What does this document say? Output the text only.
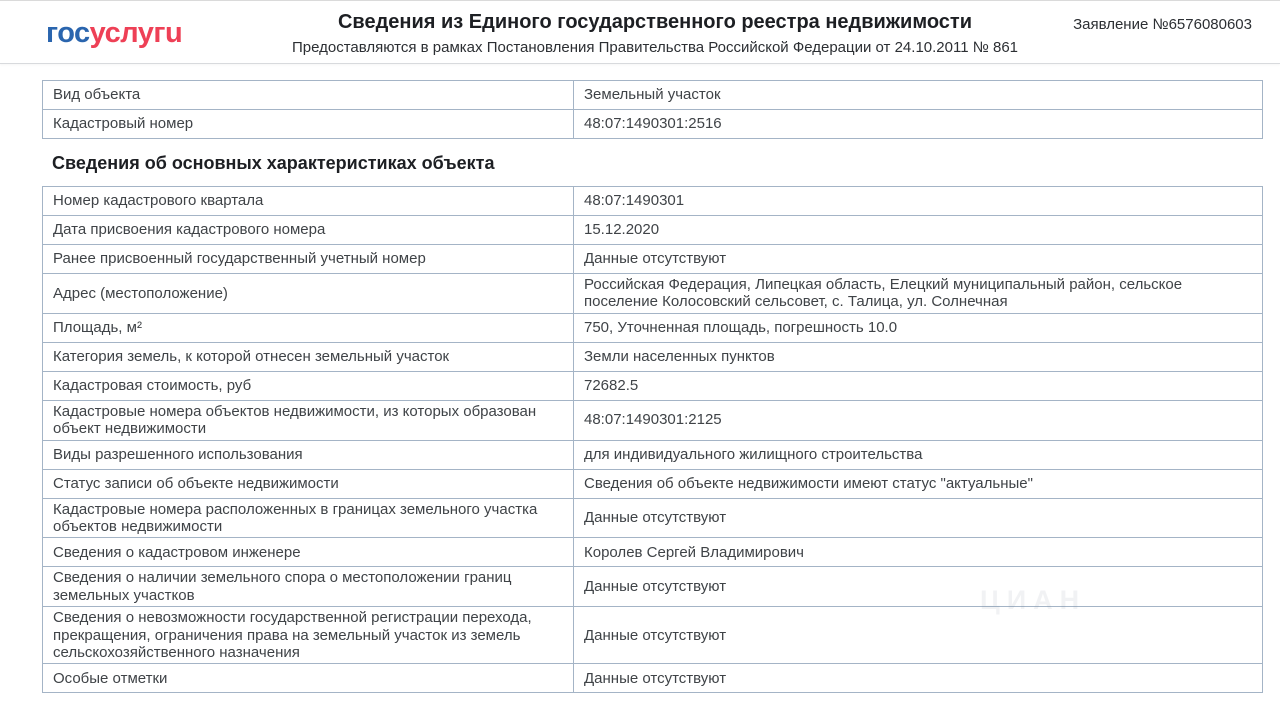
госуслугu	Сведения из Единого государственного реестра недвижимости
Предоставляются в рамках Постановления Правительства Российской Федерации от 24.10.2011 № 861
Заявление №6576080603
Вид объекта	Земельный участок
Кадастровый номер	48:07:1490301:2516
Сведения об основных характеристиках объекта
Номер кадастрового квартала	48:07:1490301
Дата присвоения кадастрового номера	15.12.2020
Ранее присвоенный государственный учетный номер	Данные отсутствуют
Адрес (местоположение)	Российская Федерация, Липецкая область, Елецкий муниципальный район, сельское поселение Колосовский сельсовет, с. Талица, ул. Солнечная
Площадь, м²	750, Уточненная площадь, погрешность 10.0
Категория земель, к которой отнесен земельный участок	Земли населенных пунктов
Кадастровая стоимость, руб	72682.5
Кадастровые номера объектов недвижимости, из которых образован объект недвижимости	48:07:1490301:2125
Виды разрешенного использования	для индивидуального жилищного строительства
Статус записи об объекте недвижимости	Сведения об объекте недвижимости имеют статус "актуальные"
Кадастровые номера расположенных в границах земельного участка объектов недвижимости	Данные отсутствуют
Сведения о кадастровом инженере	Королев Сергей Владимирович
Сведения о наличии земельного спора о местоположении границ земельных участков	Данные отсутствуют
Сведения о невозможности государственной регистрации перехода, прекращения, ограничения права на земельный участок из земель сельскохозяйственного назначения	Данные отсутствуют
Особые отметки	Данные отсутствуют
